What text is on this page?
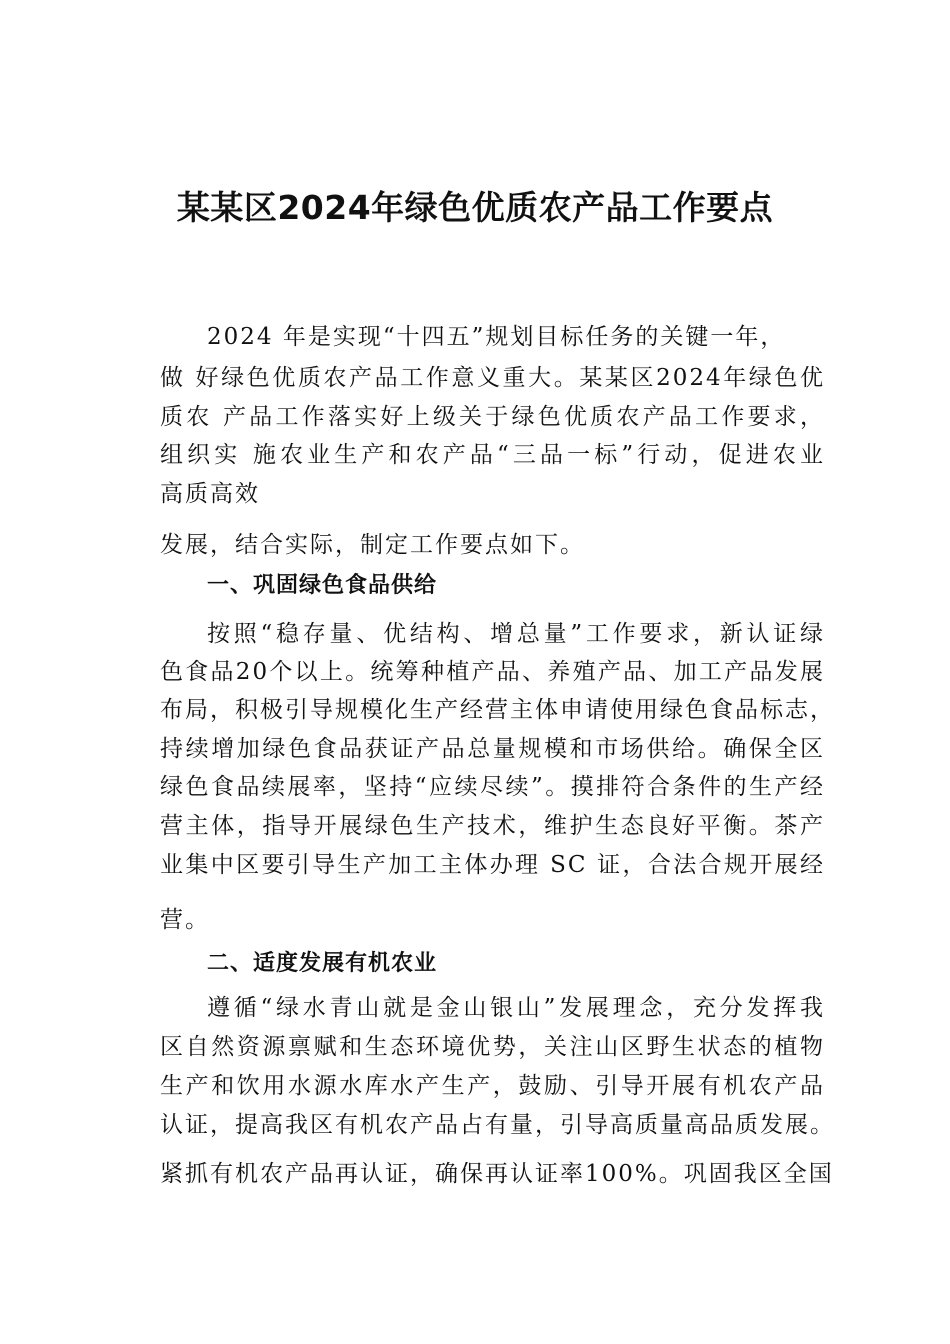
某某区2024年绿色优质农产品工作要点

2024 年是实现“十四五”规划目标任务的关键一年，

做 好绿色优质农产品工作意义重大。某某区2024年绿色优

质农 产品工作落实好上级关于绿色优质农产品工作要求，

组织实 施农业生产和农产品“三品一标”行动，促进农业

高质高效

发展，结合实际，制定工作要点如下。

一、巩固绿色食品供给

按照“稳存量、优结构、增总量”工作要求，新认证绿

色食品20个以上。统筹种植产品、养殖产品、加工产品发展

布局，积极引导规模化生产经营主体申请使用绿色食品标志，

持续增加绿色食品获证产品总量规模和市场供给。确保全区

绿色食品续展率，坚持“应续尽续”。摸排符合条件的生产经

营主体，指导开展绿色生产技术，维护生态良好平衡。茶产

业集中区要引导生产加工主体办理 SC 证，合法合规开展经

营。

二、适度发展有机农业

遵循“绿水青山就是金山银山”发展理念，充分发挥我

区自然资源禀赋和生态环境优势，关注山区野生状态的植物

生产和饮用水源水库水产生产，鼓励、引导开展有机农产品

认证，提高我区有机农产品占有量，引导高质量高品质发展。

紧抓有机农产品再认证，确保再认证率100%。巩固我区全国
